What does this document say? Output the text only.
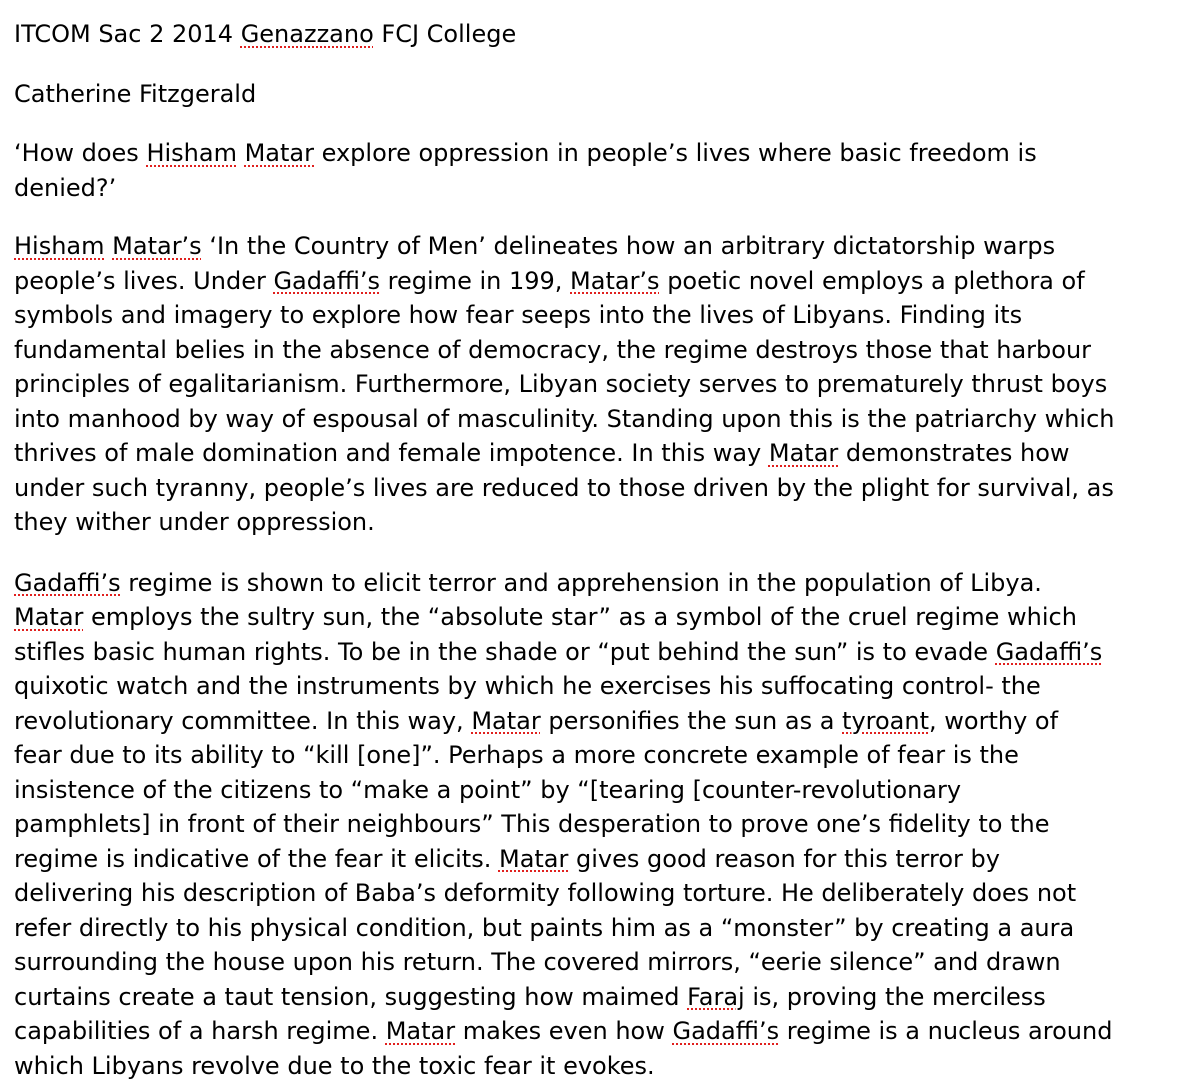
ITCOM Sac 2 2014 Genazzano FCJ College
Catherine Fitzgerald
‘How does Hisham Matar explore oppression in people’s lives where basic freedom is
denied?’
Hisham Matar’s ‘In the Country of Men’ delineates how an arbitrary dictatorship warps
people’s lives. Under Gadaffi’s regime in 199, Matar’s poetic novel employs a plethora of
symbols and imagery to explore how fear seeps into the lives of Libyans. Finding its
fundamental belies in the absence of democracy, the regime destroys those that harbour
principles of egalitarianism. Furthermore, Libyan society serves to prematurely thrust boys
into manhood by way of espousal of masculinity. Standing upon this is the patriarchy which
thrives of male domination and female impotence. In this way Matar demonstrates how
under such tyranny, people’s lives are reduced to those driven by the plight for survival, as
they wither under oppression.
Gadaffi’s regime is shown to elicit terror and apprehension in the population of Libya.
Matar employs the sultry sun, the “absolute star” as a symbol of the cruel regime which
stifles basic human rights. To be in the shade or “put behind the sun” is to evade Gadaffi’s
quixotic watch and the instruments by which he exercises his suffocating control- the
revolutionary committee. In this way, Matar personifies the sun as a tyroant, worthy of
fear due to its ability to “kill [one]”. Perhaps a more concrete example of fear is the
insistence of the citizens to “make a point” by “[tearing [counter-revolutionary
pamphlets] in front of their neighbours” This desperation to prove one’s fidelity to the
regime is indicative of the fear it elicits. Matar gives good reason for this terror by
delivering his description of Baba’s deformity following torture. He deliberately does not
refer directly to his physical condition, but paints him as a “monster” by creating a aura
surrounding the house upon his return. The covered mirrors, “eerie silence” and drawn
curtains create a taut tension, suggesting how maimed Faraj is, proving the merciless
capabilities of a harsh regime. Matar makes even how Gadaffi’s regime is a nucleus around
which Libyans revolve due to the toxic fear it evokes.
